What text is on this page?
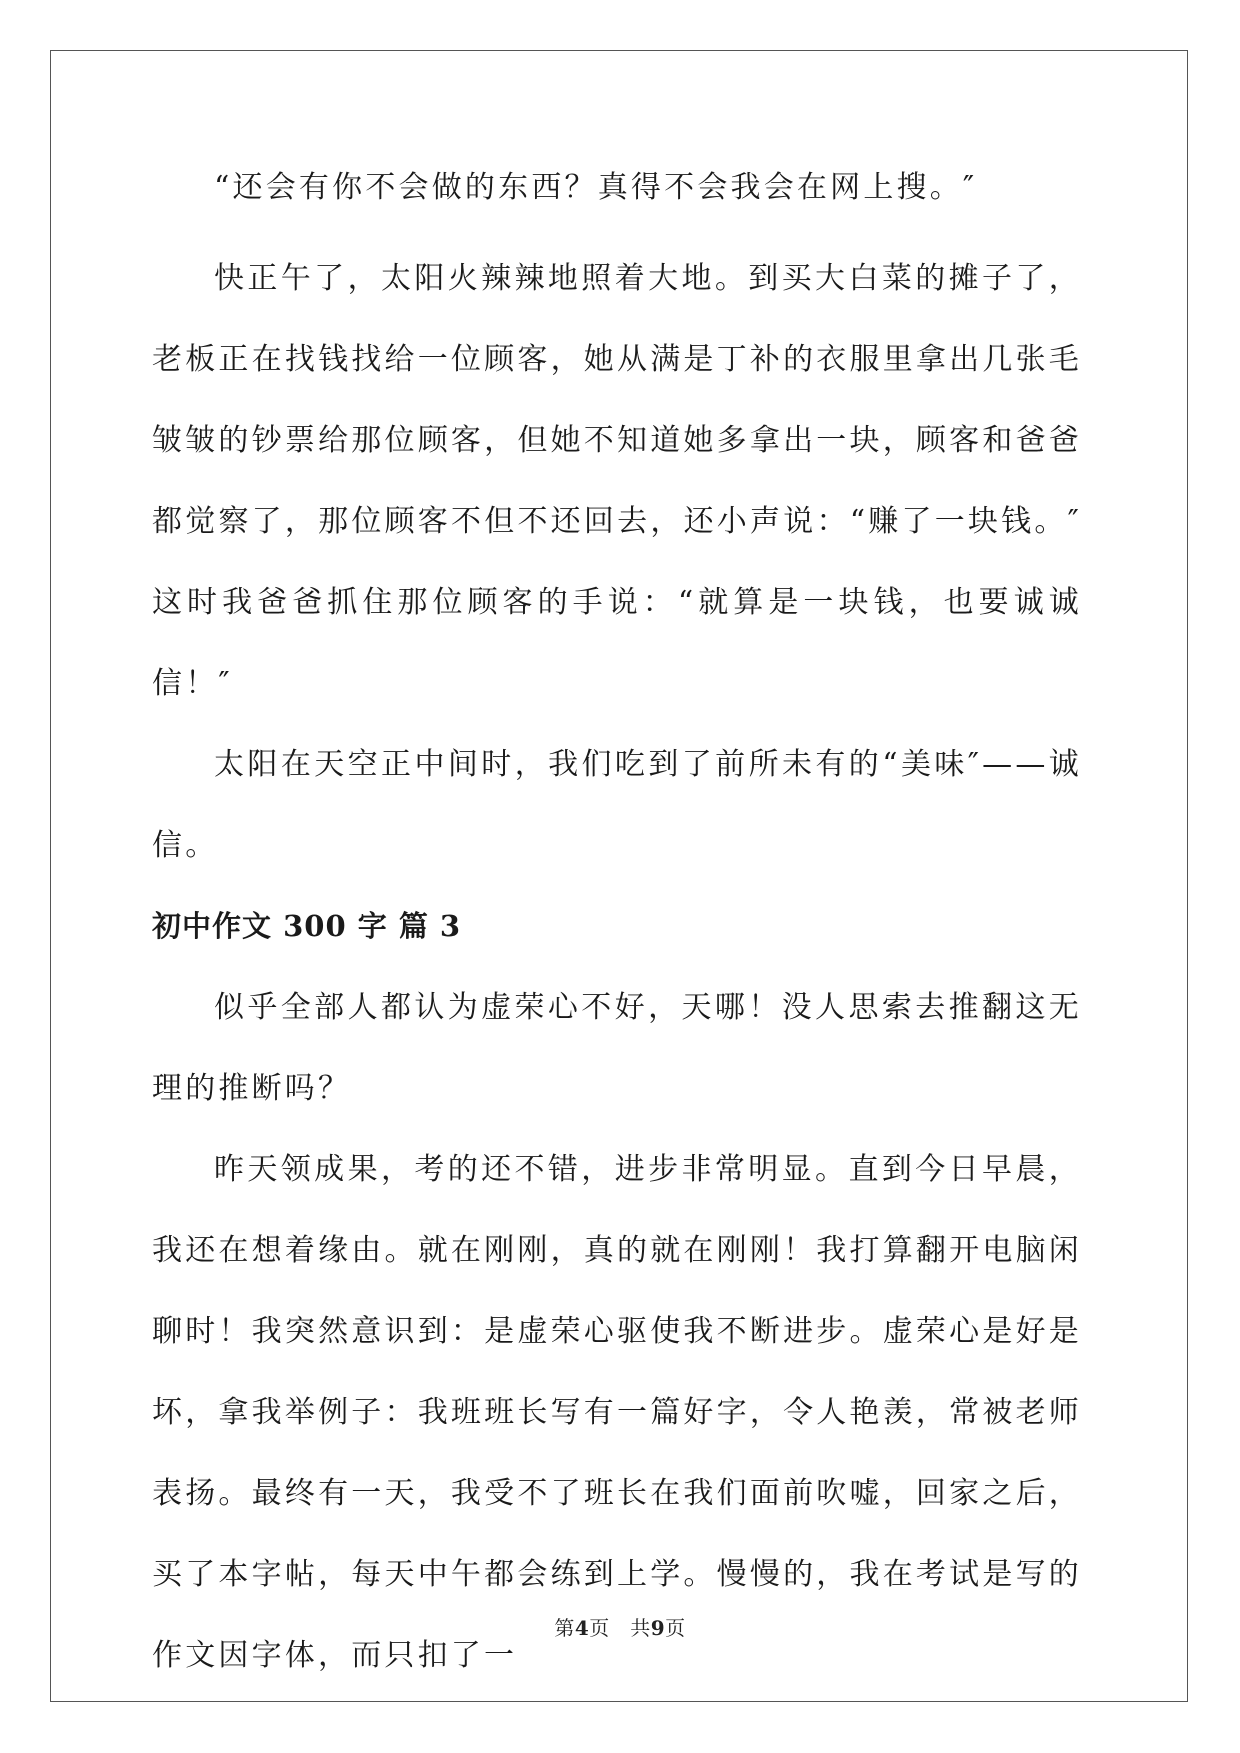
“还会有你不会做的东西？真得不会我会在网上搜。″

快正午了，太阳火辣辣地照着大地。到买大白菜的摊子了，老板正在找钱找给一位顾客，她从满是丁补的衣服里拿出几张毛皱皱的钞票给那位顾客，但她不知道她多拿出一块，顾客和爸爸都觉察了，那位顾客不但不还回去，还小声说：“赚了一块钱。″这时我爸爸抓住那位顾客的手说：“就算是一块钱，也要诚诚信！″

太阳在天空正中间时，我们吃到了前所未有的“美味″——诚信。

初中作文 300 字 篇 3

似乎全部人都认为虚荣心不好，天哪！没人思索去推翻这无理的推断吗？

昨天领成果，考的还不错，进步非常明显。直到今日早晨，我还在想着缘由。就在刚刚，真的就在刚刚！我打算翻开电脑闲聊时！我突然意识到：是虚荣心驱使我不断进步。虚荣心是好是坏，拿我举例子：我班班长写有一篇好字，令人艳羡，常被老师表扬。最终有一天，我受不了班长在我们面前吹嘘，回家之后，买了本字帖，每天中午都会练到上学。慢慢的，我在考试是写的作文因字体，而只扣了一

第4页　共9页
